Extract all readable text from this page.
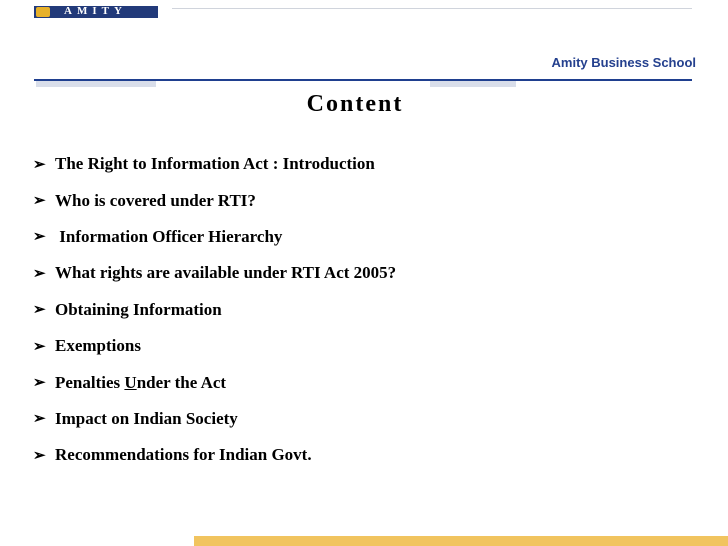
AMITY
Amity Business School
Content
➢ The Right to Information Act : Introduction
➢ Who is covered under RTI?
➢ Information Officer Hierarchy
➢ What rights are available under RTI Act 2005?
➢ Obtaining Information
➢ Exemptions
➢ Penalties U nder the Act
➢ Impact on Indian Society
➢ Recommendations for Indian Govt.
